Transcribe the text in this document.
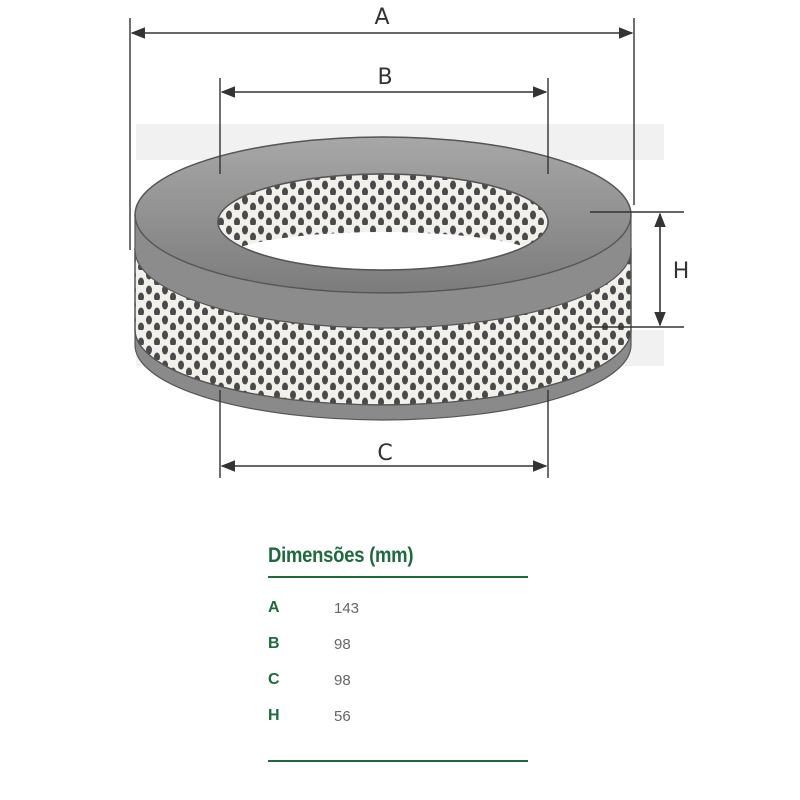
A
B
C
H
Dimensões (mm)
A	143
B	98
C	98
H	56
